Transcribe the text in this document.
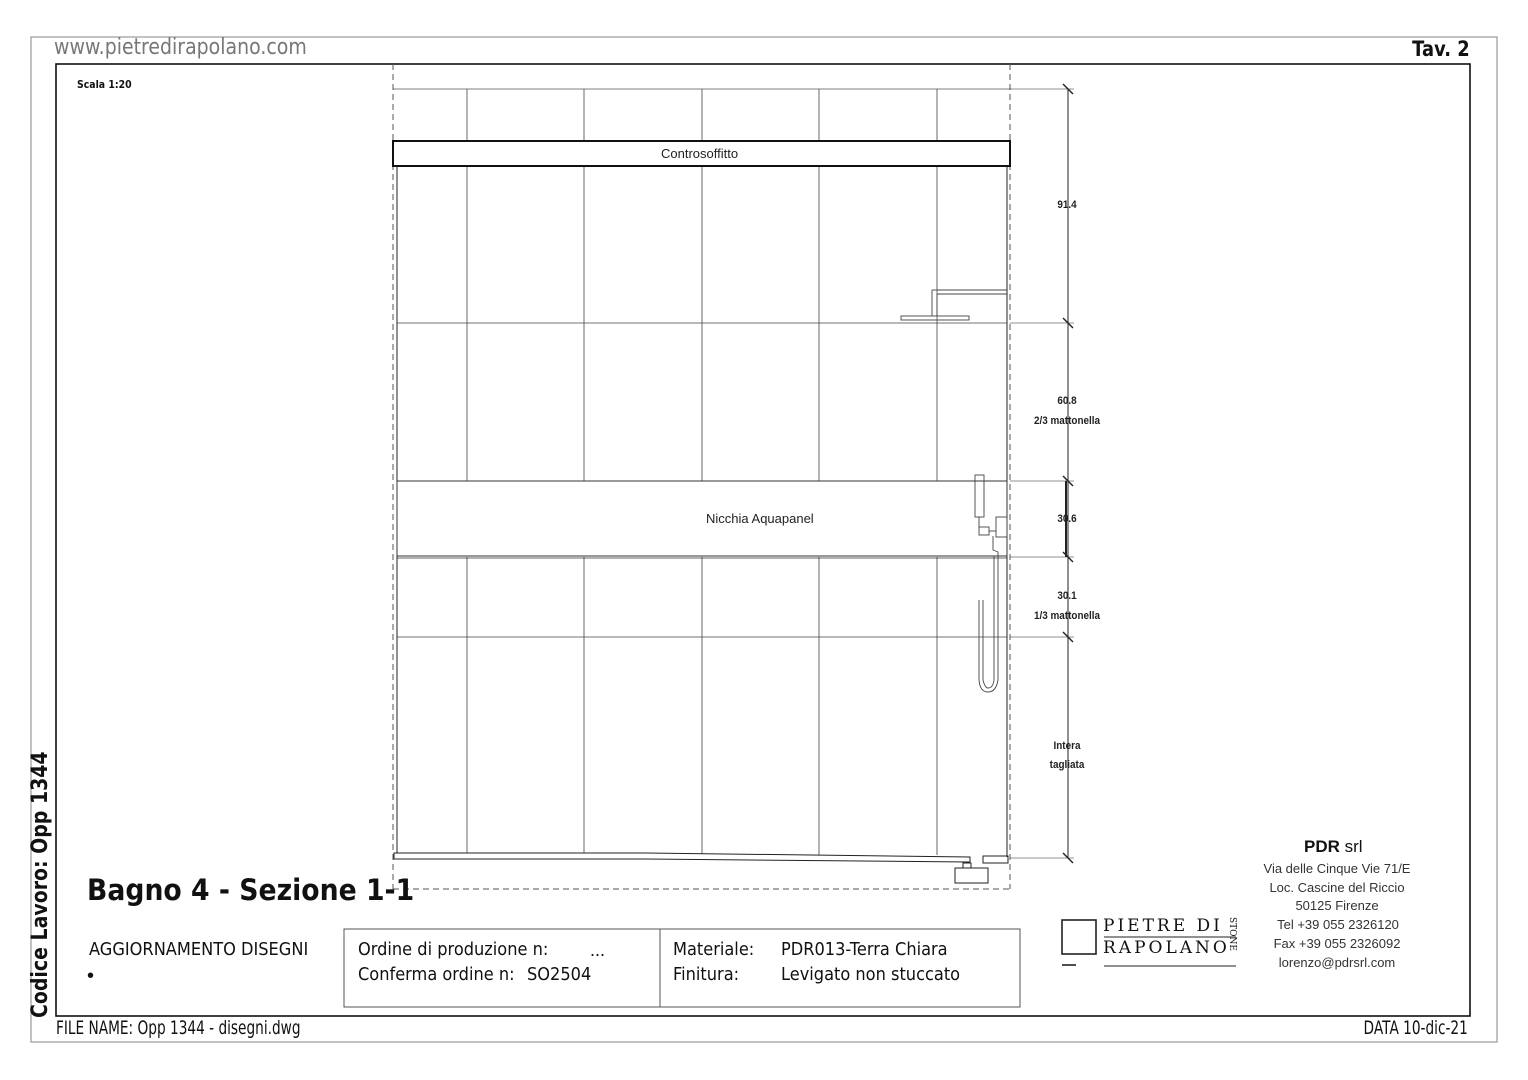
www.pietredirapolano.com	Tav. 2
Scala 1:20
Controsoffitto
Nicchia Aquapanel
91.4
60.8
2/3 mattonella
30.6
30.1
1/3 mattonella
Intera
tagliata
Codice Lavoro: Opp 1344
FILE NAME: Opp 1344 - disegni.dwg	DATA 10-dic-21
Bagno 4 - Sezione 1-1
AGGIORNAMENTO DISEGNI
•
Ordine di produzione n: ...
Conferma ordine n: SO2504
Materiale: PDR013-Terra Chiara
Finitura: Levigato non stuccato
PIETRE DI
RAPOLANO
STONE
PDR srl
Via delle Cinque Vie 71/E
Loc. Cascine del Riccio
50125 Firenze
Tel +39 055 2326120
Fax +39 055 2326092
lorenzo@pdrsrl.com
